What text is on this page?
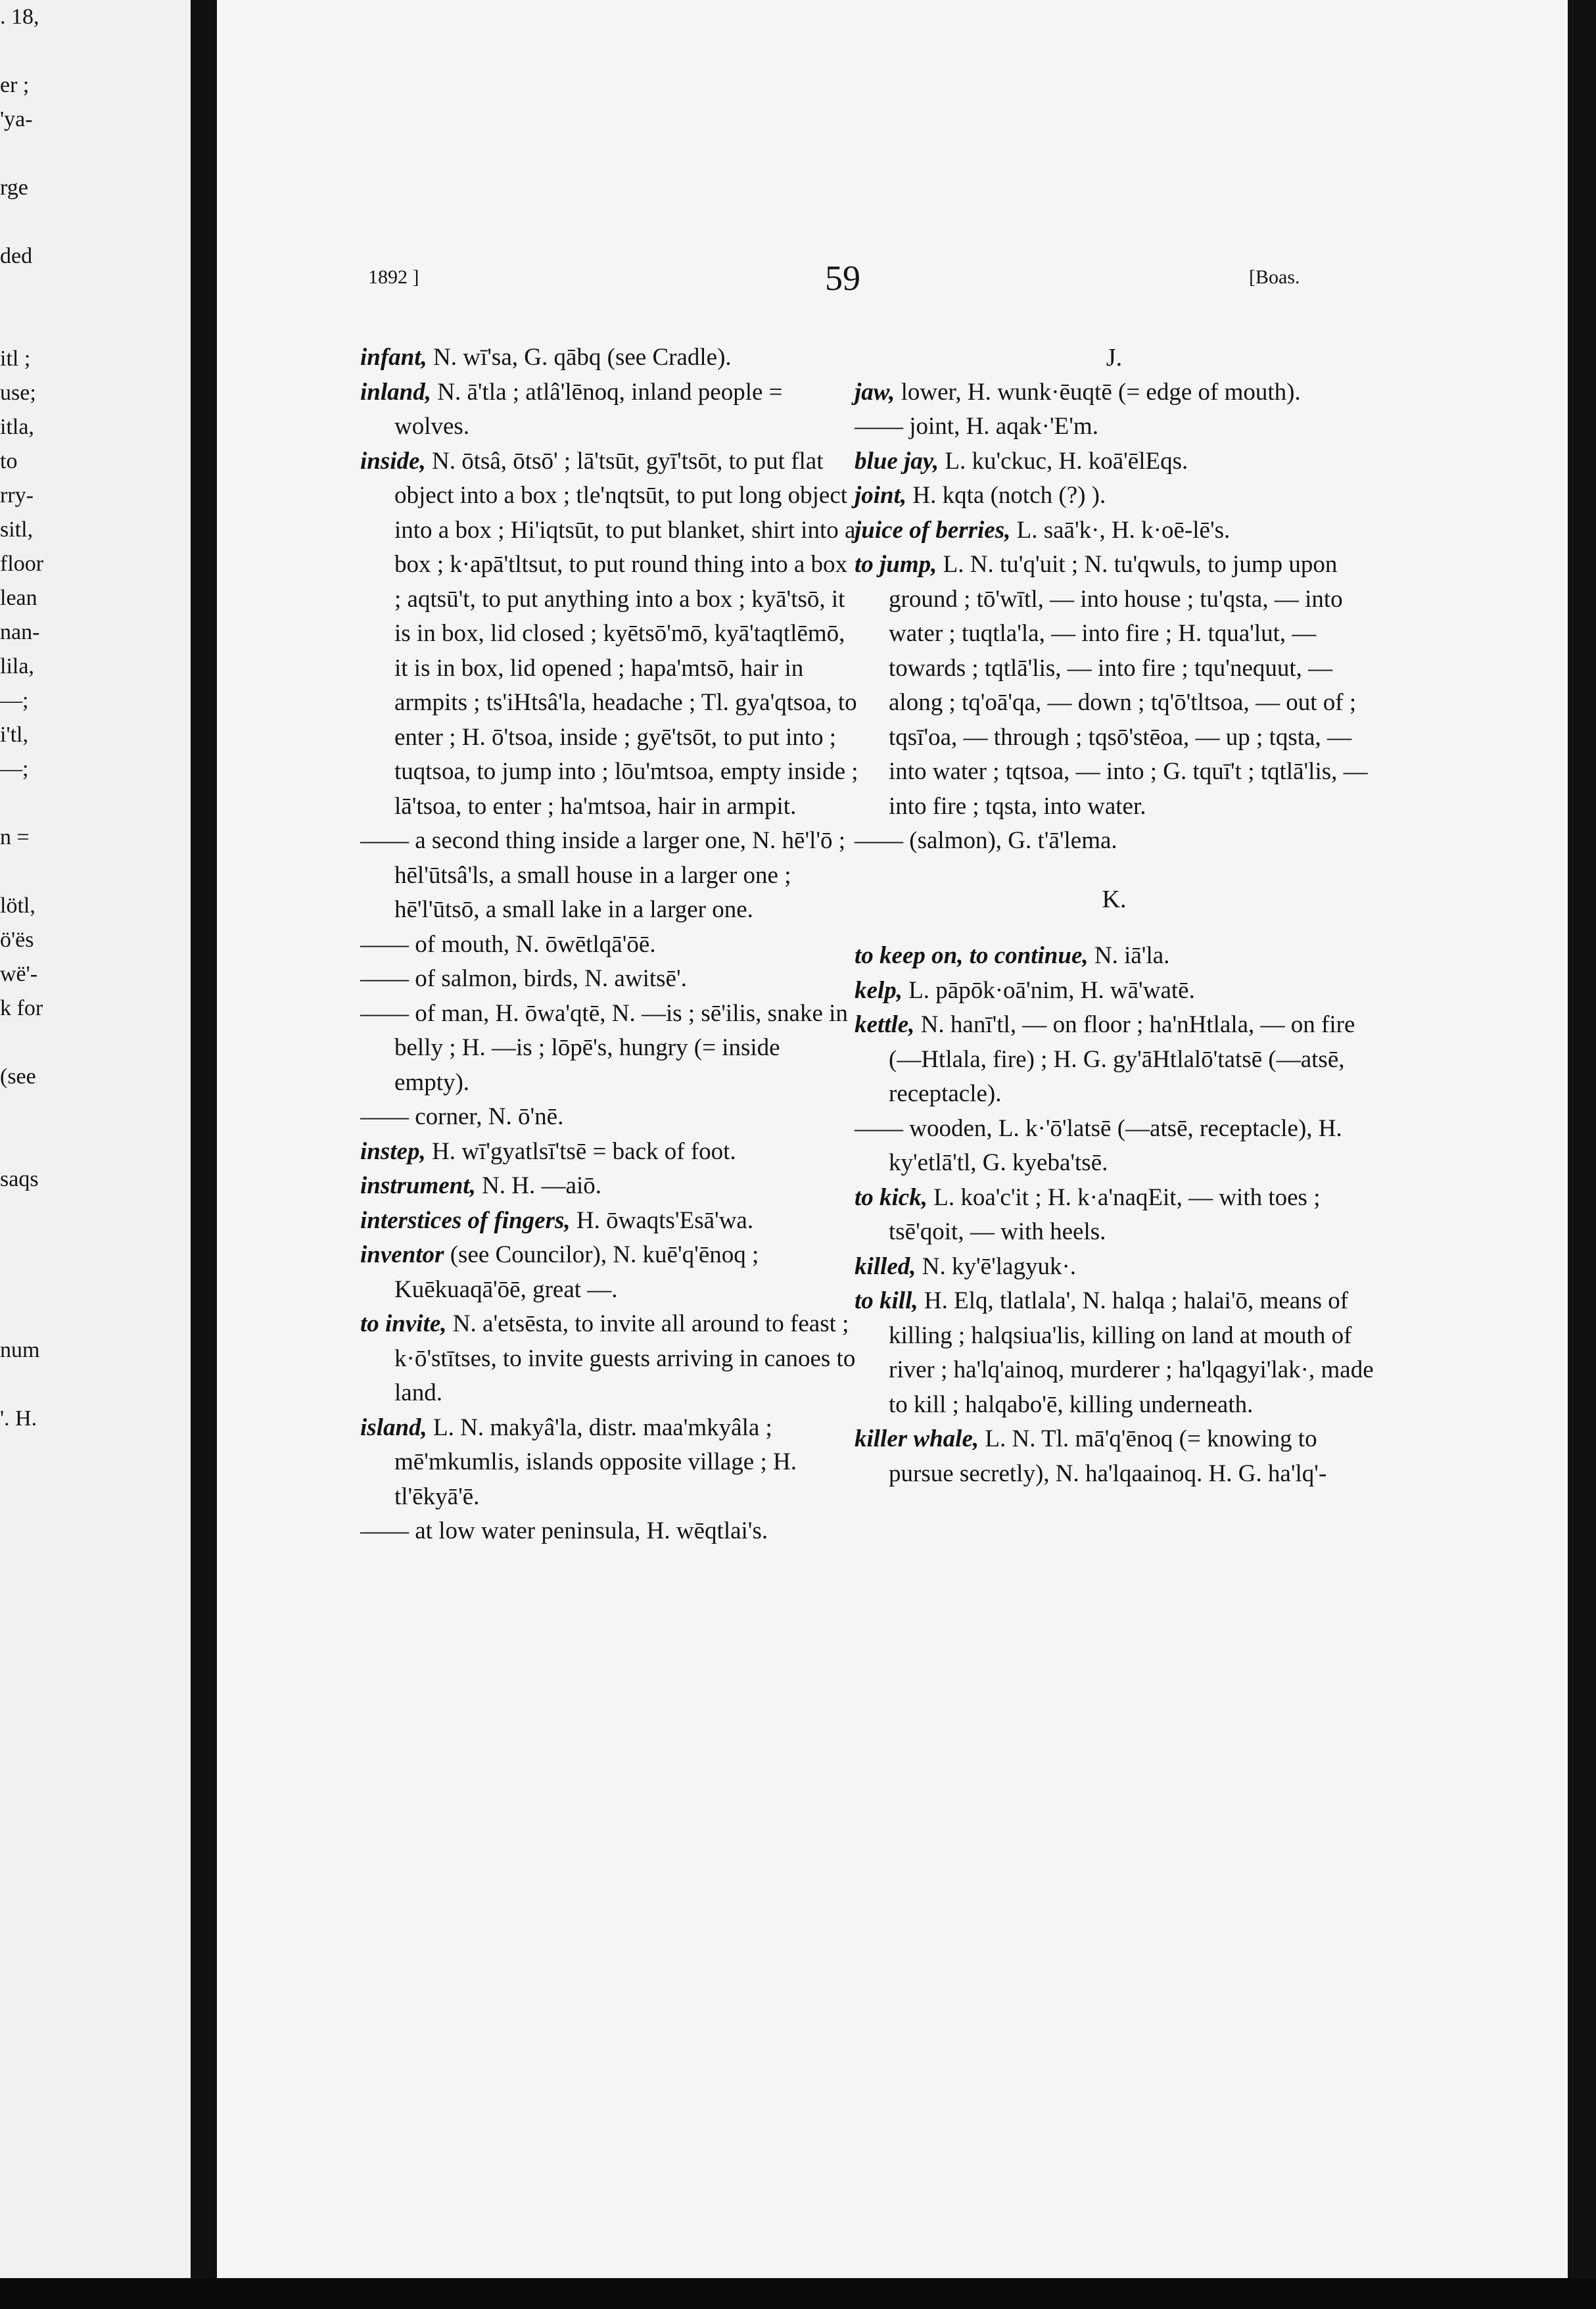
. 18,

er ;
'ya-

rge

ded

itl ;
use;
itla,
to
rry-
sitl,
floor
lean
nan-
lila,
—;
i'tl,
—;

n =

lötl,
ö'ës
wë'-
k for

(see

saqs

num

'. H.
1892 ]	59	[Boas.

infant, N. wī'sa, G. qābq (see Cradle).

inland, N. ā'tla ; atlâ'lēnoq, inland people = wolves.

inside, N. ōtsâ, ōtsō' ; lā'tsūt, gyī'tsōt, to put flat object into a box ; tle'nqtsūt, to put long object into a box ; Hi'iqtsūt, to put blanket, shirt into a box ; k·apā'tltsut, to put round thing into a box ; aqtsū't, to put anything into a box ; kyā'tsō, it is in box, lid closed ; kyētsō'mō, kyā'taqtlēmō, it is in box, lid opened ; hapa'mtsō, hair in armpits ; ts'iHtsâ'la, headache ; Tl. gya'qtsoa, to enter ; H. ō'tsoa, inside ; gyē'tsōt, to put into ; tuqtsoa, to jump into ; lōu'mtsoa, empty inside ; lā'tsoa, to enter ; ha'mtsoa, hair in armpit.

—— a second thing inside a larger one, N. hē'l'ō ; hēl'ūtsâ'ls, a small house in a larger one ; hē'l'ūtsō, a small lake in a larger one.

—— of mouth, N. ōwētlqā'ōē.

—— of salmon, birds, N. awitsē'.

—— of man, H. ōwa'qtē, N. —is ; sē'ilis, snake in belly ; H. —is ; lōpē's, hungry (= inside empty).

—— corner, N. ō'nē.

instep, H. wī'gyatlsī'tsē = back of foot.

instrument, N. H. —aiō.

interstices of fingers, H. ōwaqts'Esā'wa.

inventor (see Councilor), N. kuē'q'ēnoq ; Kuēkuaqā'ōē, great —.

to invite, N. a'etsēsta, to invite all around to feast ; k·ō'stītses, to invite guests arriving in canoes to land.

island, L. N. makyâ'la, distr. maa'mkyâla ; mē'mkumlis, islands opposite village ; H. tl'ēkyā'ē.

—— at low water peninsula, H. wēqtlai's.

J.

jaw, lower, H. wunk·ēuqtē (= edge of mouth).

—— joint, H. aqak·'E'm.

blue jay, L. ku'ckuc, H. koā'ēlEqs.

joint, H. kqta (notch (?) ).

juice of berries, L. saā'k·, H. k·oē-lē's.

to jump, L. N. tu'q'uit ; N. tu'qwuls, to jump upon ground ; tō'wītl, — into house ; tu'qsta, — into water ; tuqtla'la, — into fire ; H. tqua'lut, — towards ; tqtlā'lis, — into fire ; tqu'nequut, — along ; tq'oā'qa, — down ; tq'ō'tltsoa, — out of ; tqsī'oa, — through ; tqsō'stēoa, — up ; tqsta, — into water ; tqtsoa, — into ; G. tquī't ; tqtlā'lis, — into fire ; tqsta, into water.

—— (salmon), G. t'ā'lema.

K.

to keep on, to continue, N. iā'la.

kelp, L. pāpōk·oā'nim, H. wā'watē.

kettle, N. hanī'tl, — on floor ; ha'nHtlala, — on fire (—Htlala, fire) ; H. G. gy'āHtlalō'tatsē (—atsē, receptacle).

—— wooden, L. k·'ō'latsē (—atsē, receptacle), H. ky'etlā'tl, G. kyeba'tsē.

to kick, L. koa'c'it ; H. k·a'naqEit, — with toes ; tsē'qoit, — with heels.

killed, N. ky'ē'lagyuk·.

to kill, H. Elq, tlatlala', N. halqa ; halai'ō, means of killing ; halqsiua'lis, killing on land at mouth of river ; ha'lq'ainoq, murderer ; ha'lqagyi'lak·, made to kill ; halqabo'ē, killing underneath.

killer whale, L. N. Tl. mā'q'ēnoq (= knowing to pursue secretly), N. ha'lqaainoq. H. G. ha'lq'-
